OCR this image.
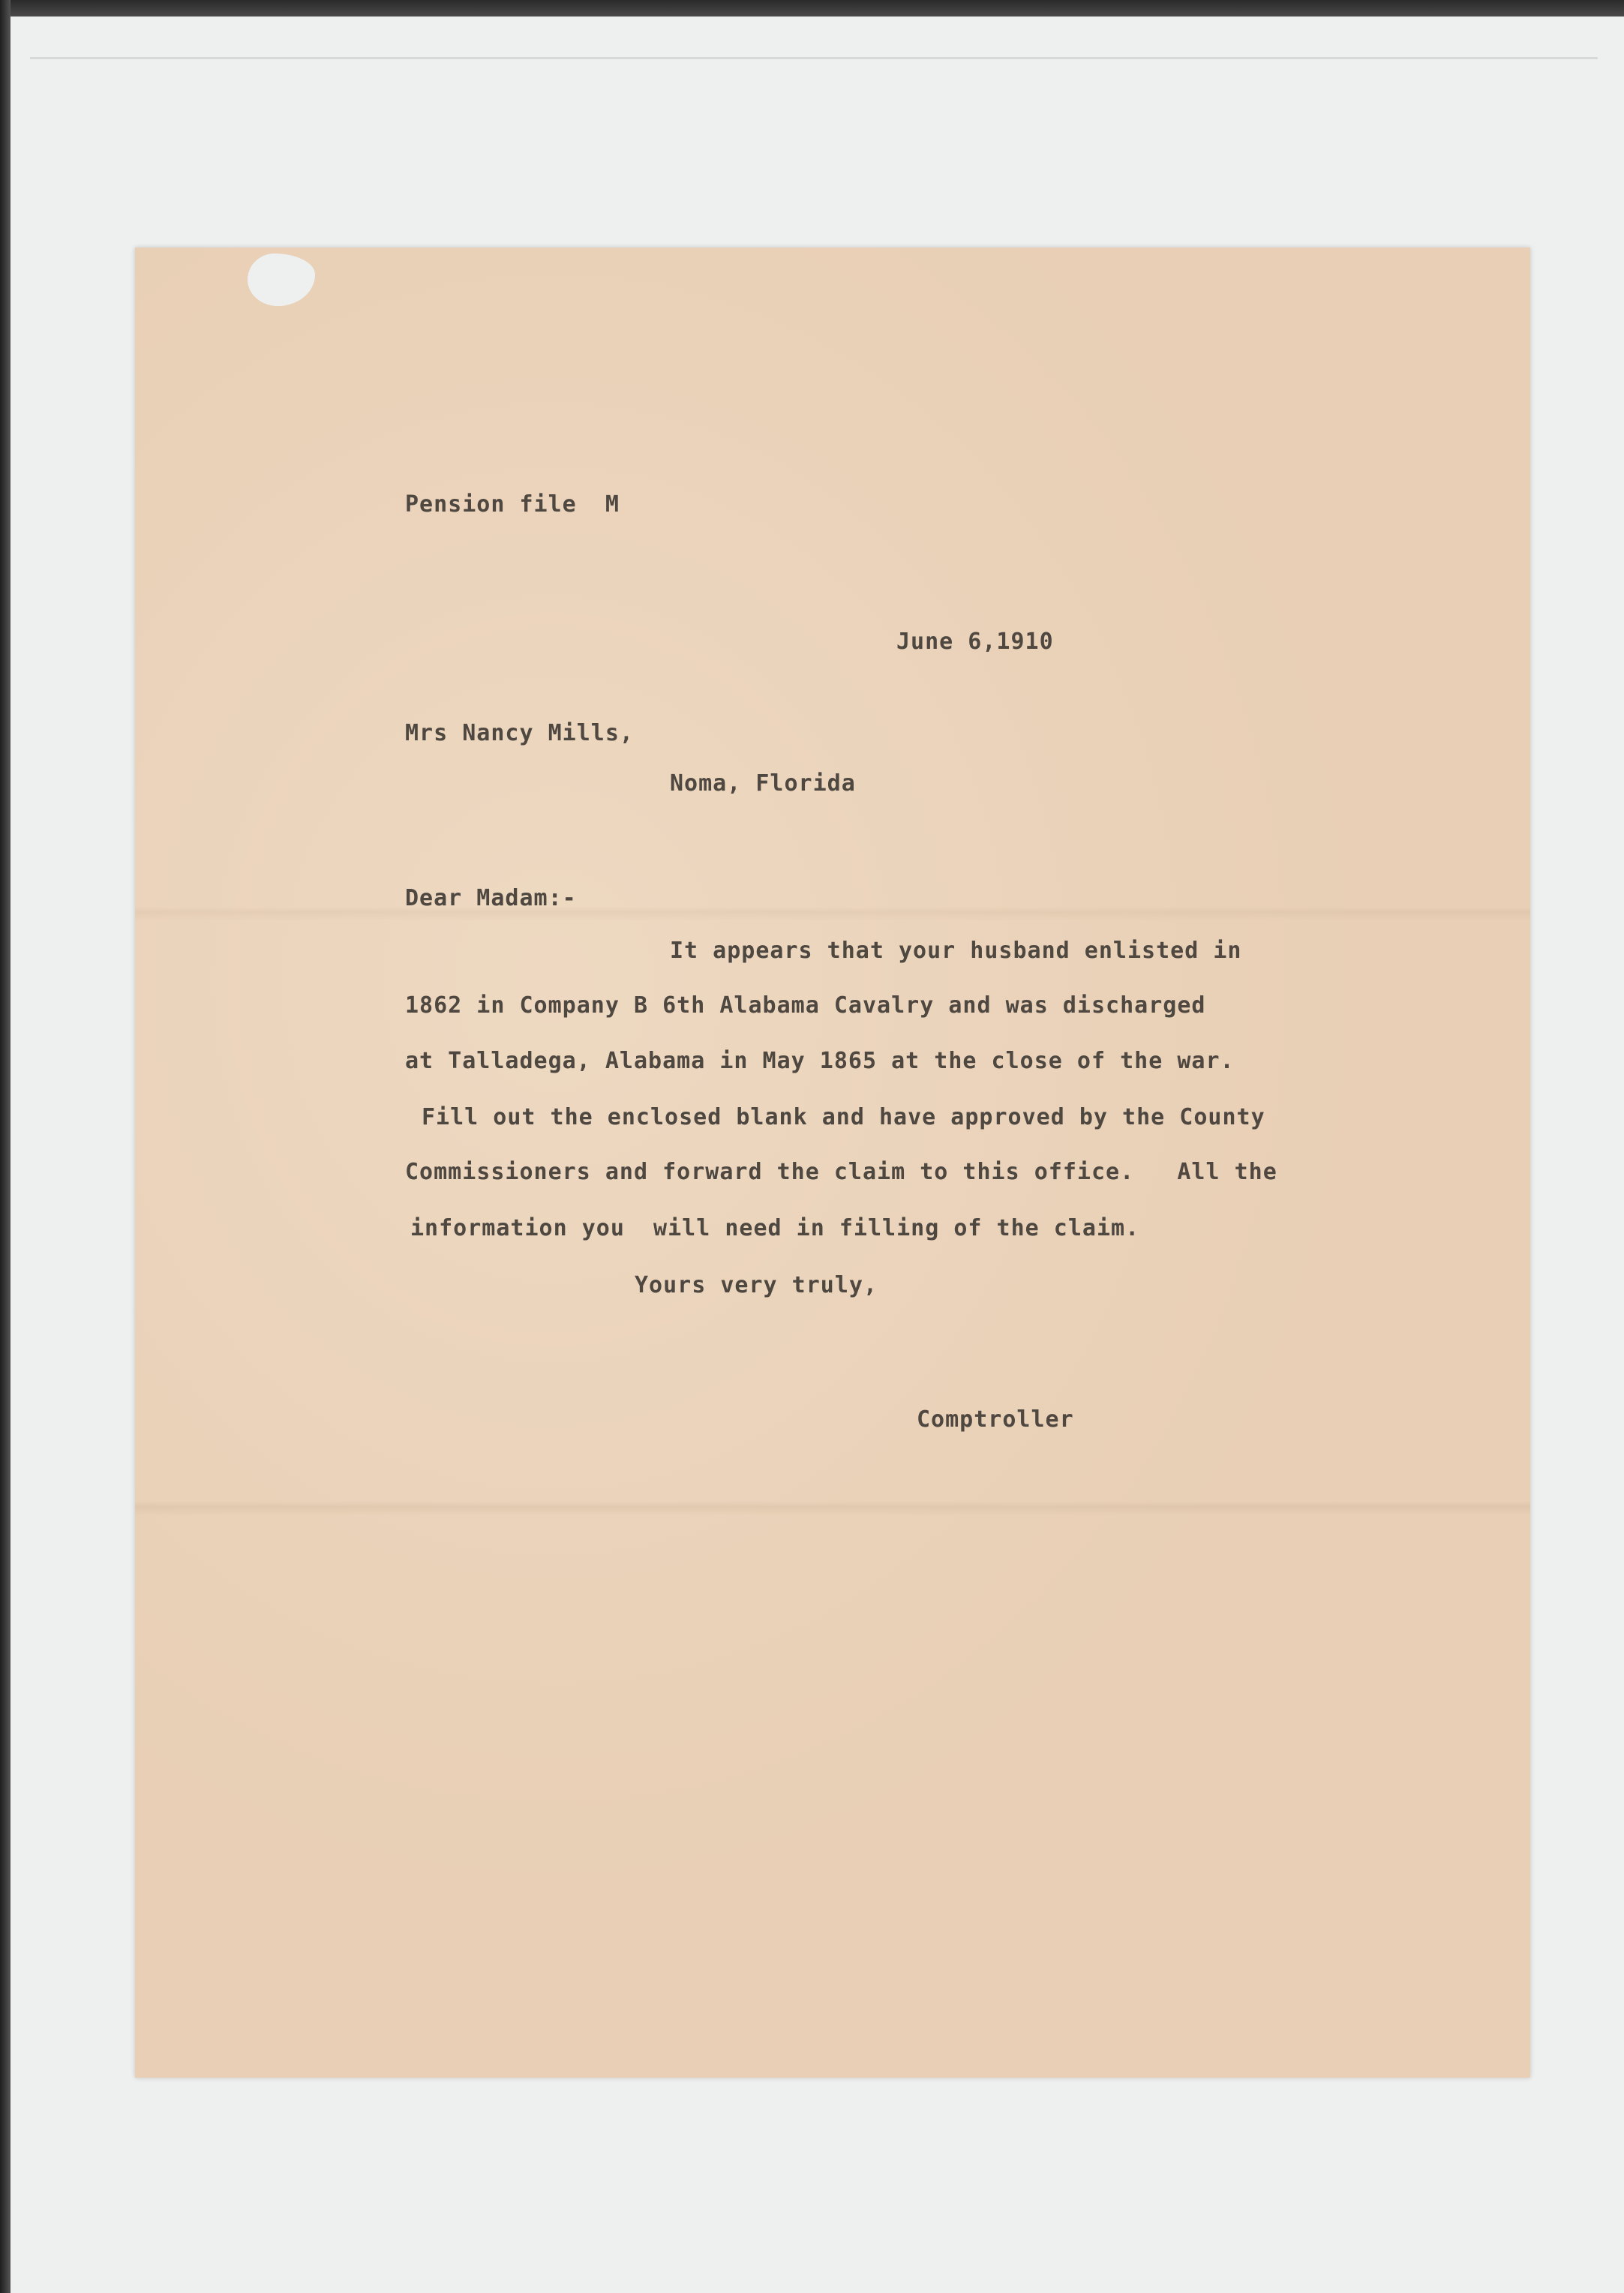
Pension file  M
June 6,1910
Mrs Nancy Mills,
Noma, Florida
Dear Madam:-
It appears that your husband enlisted in
1862 in Company B 6th Alabama Cavalry and was discharged
at Talladega, Alabama in May 1865 at the close of the war.
Fill out the enclosed blank and have approved by the County
Commissioners and forward the claim to this office.   All the
information you  will need in filling of the claim.
Yours very truly,
Comptroller
